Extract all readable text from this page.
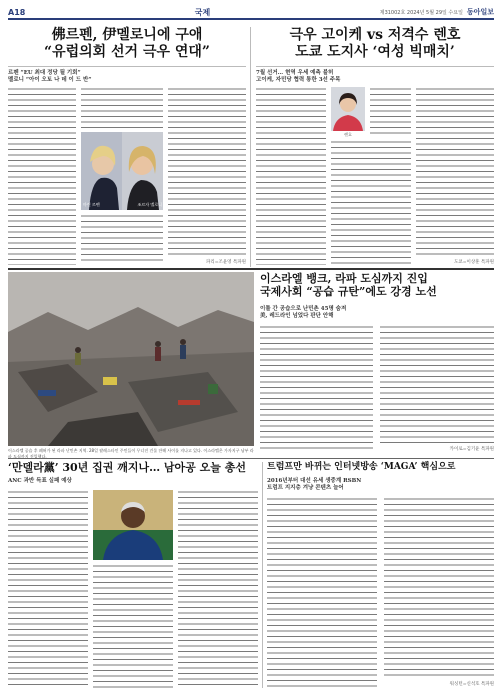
A18	국제	제31002호 2024년 5월 29일 수요일 동아일보
佛르펜, 伊멜로니에 구애
“유럽의회 선거 극우 연대”
르펜 “EU 최대 정당 될 기회”
멜로니 “아이 오토 나 데 이 드 반”
마린 르펜	조르자 멜로니
파리=조윤영 특파원
극우 고이케 vs 저격수 렌호
도쿄 도지사 ‘여성 빅매치’
7월 선거… 현역 우세 예측 불허
고이케, 자민당 협력 통한 3선 주목
렌호
도쿄=이상훈 특파원
이스라엘 공습 후 폐허가 된 라파 난민촌 지역. 28일 팔레스타인 주민들이 무너진 건물 잔해 사이를 지나고 있다. 이스라엘은 가자지구 남부 라파 도심까지 진입했다.
이스라엘 뱅크, 라파 도심까지 진입
국제사회 “공습 규탄”에도 강경 노선
이틀 간 공습으로 난민촌 45명 숨져
美, 레드라인 넘었다 판단 안해
카이로=김기윤 특파원
‘만델라黨’ 30년 집권 깨지나… 남아공 오늘 총선
ANC 과반 득표 실패 예상
트럼프만 바뀌는 인터넷방송 ‘MAGA’ 핵심으로
2016년부터 대선 유세 생중계 RSBN
트럼프 지지층 겨냥 콘텐츠 늘어
워싱턴=신석호 특파원
